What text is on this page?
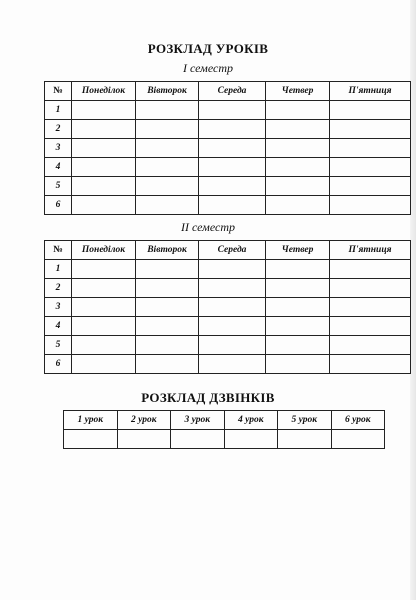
РОЗКЛАД УРОКІВ
I семестр
№	Понеділок	Вівторок	Середа	Четвер	П'ятниця
1					
2					
3					
4					
5					
6					
II семестр
№	Понеділок	Вівторок	Середа	Четвер	П'ятниця
1					
2					
3					
4					
5					
6					
РОЗКЛАД ДЗВІНКІВ
1 урок	2 урок	3 урок	4 урок	5 урок	6 урок
